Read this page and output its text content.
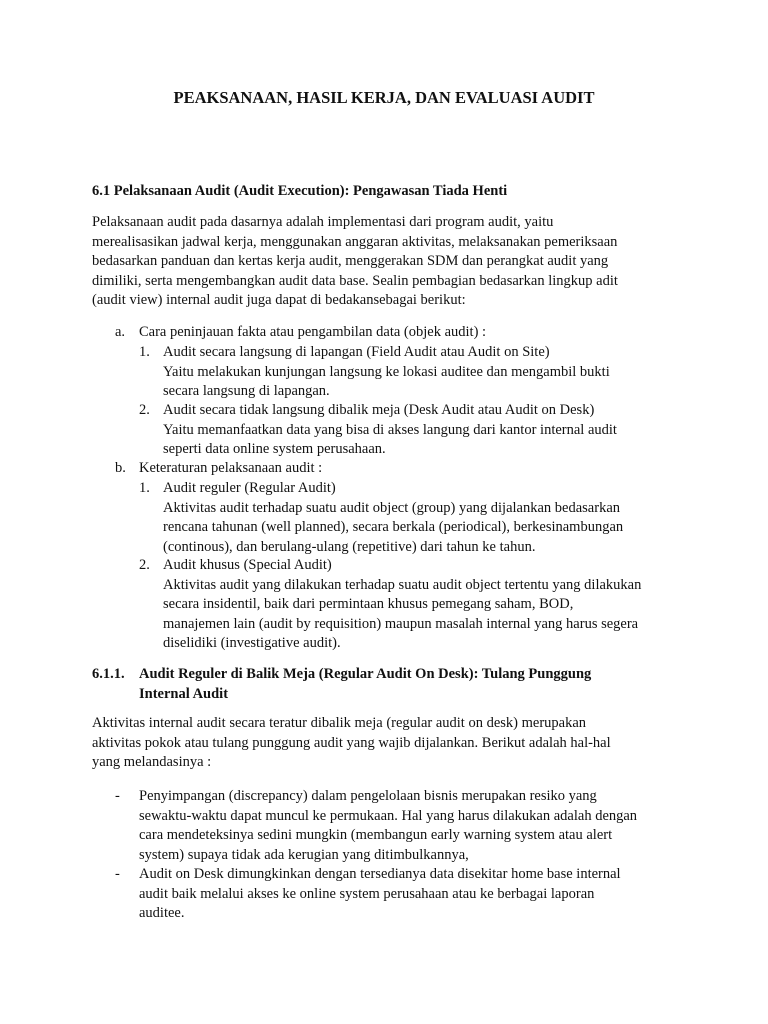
PEAKSANAAN, HASIL KERJA, DAN EVALUASI AUDIT
6.1 Pelaksanaan Audit (Audit Execution): Pengawasan Tiada Henti
Pelaksanaan audit pada dasarnya adalah implementasi dari program audit, yaitu
merealisasikan jadwal kerja, menggunakan anggaran aktivitas, melaksanakan pemeriksaan
bedasarkan panduan dan kertas kerja audit, menggerakan SDM dan perangkat audit yang
dimiliki, serta mengembangkan audit data base. Sealin pembagian bedasarkan lingkup adit
(audit view) internal audit juga dapat di bedakansebagai berikut:
a. Cara peninjauan fakta atau pengambilan data (objek audit) :
1. Audit secara langsung di lapangan (Field Audit atau Audit on Site)
Yaitu melakukan kunjungan langsung ke lokasi auditee dan mengambil bukti
secara langsung di lapangan.
2. Audit secara tidak langsung dibalik meja (Desk Audit atau Audit on Desk)
Yaitu memanfaatkan data yang bisa di akses langung dari kantor internal audit
seperti data online system perusahaan.
b. Keteraturan pelaksanaan audit :
1. Audit reguler (Regular Audit)
Aktivitas audit terhadap suatu audit object (group) yang dijalankan bedasarkan
rencana tahunan (well planned), secara berkala (periodical), berkesinambungan
(continous), dan berulang-ulang (repetitive) dari tahun ke tahun.
2. Audit khusus (Special Audit)
Aktivitas audit yang dilakukan terhadap suatu audit object tertentu yang dilakukan
secara insidentil, baik dari permintaan khusus pemegang saham, BOD,
manajemen lain (audit by requisition) maupun masalah internal yang harus segera
diselidiki (investigative audit).
6.1.1. Audit Reguler di Balik Meja (Regular Audit On Desk): Tulang Punggung
Internal Audit
Aktivitas internal audit secara teratur dibalik meja (regular audit on desk) merupakan
aktivitas pokok atau tulang punggung audit yang wajib dijalankan. Berikut adalah hal-hal
yang melandasinya :
- Penyimpangan (discrepancy) dalam pengelolaan bisnis merupakan resiko yang
sewaktu-waktu dapat muncul ke permukaan. Hal yang harus dilakukan adalah dengan
cara mendeteksinya sedini mungkin (membangun early warning system atau alert
system) supaya tidak ada kerugian yang ditimbulkannya,
- Audit on Desk dimungkinkan dengan tersedianya data disekitar home base internal
audit baik melalui akses ke online system perusahaan atau ke berbagai laporan
auditee.
